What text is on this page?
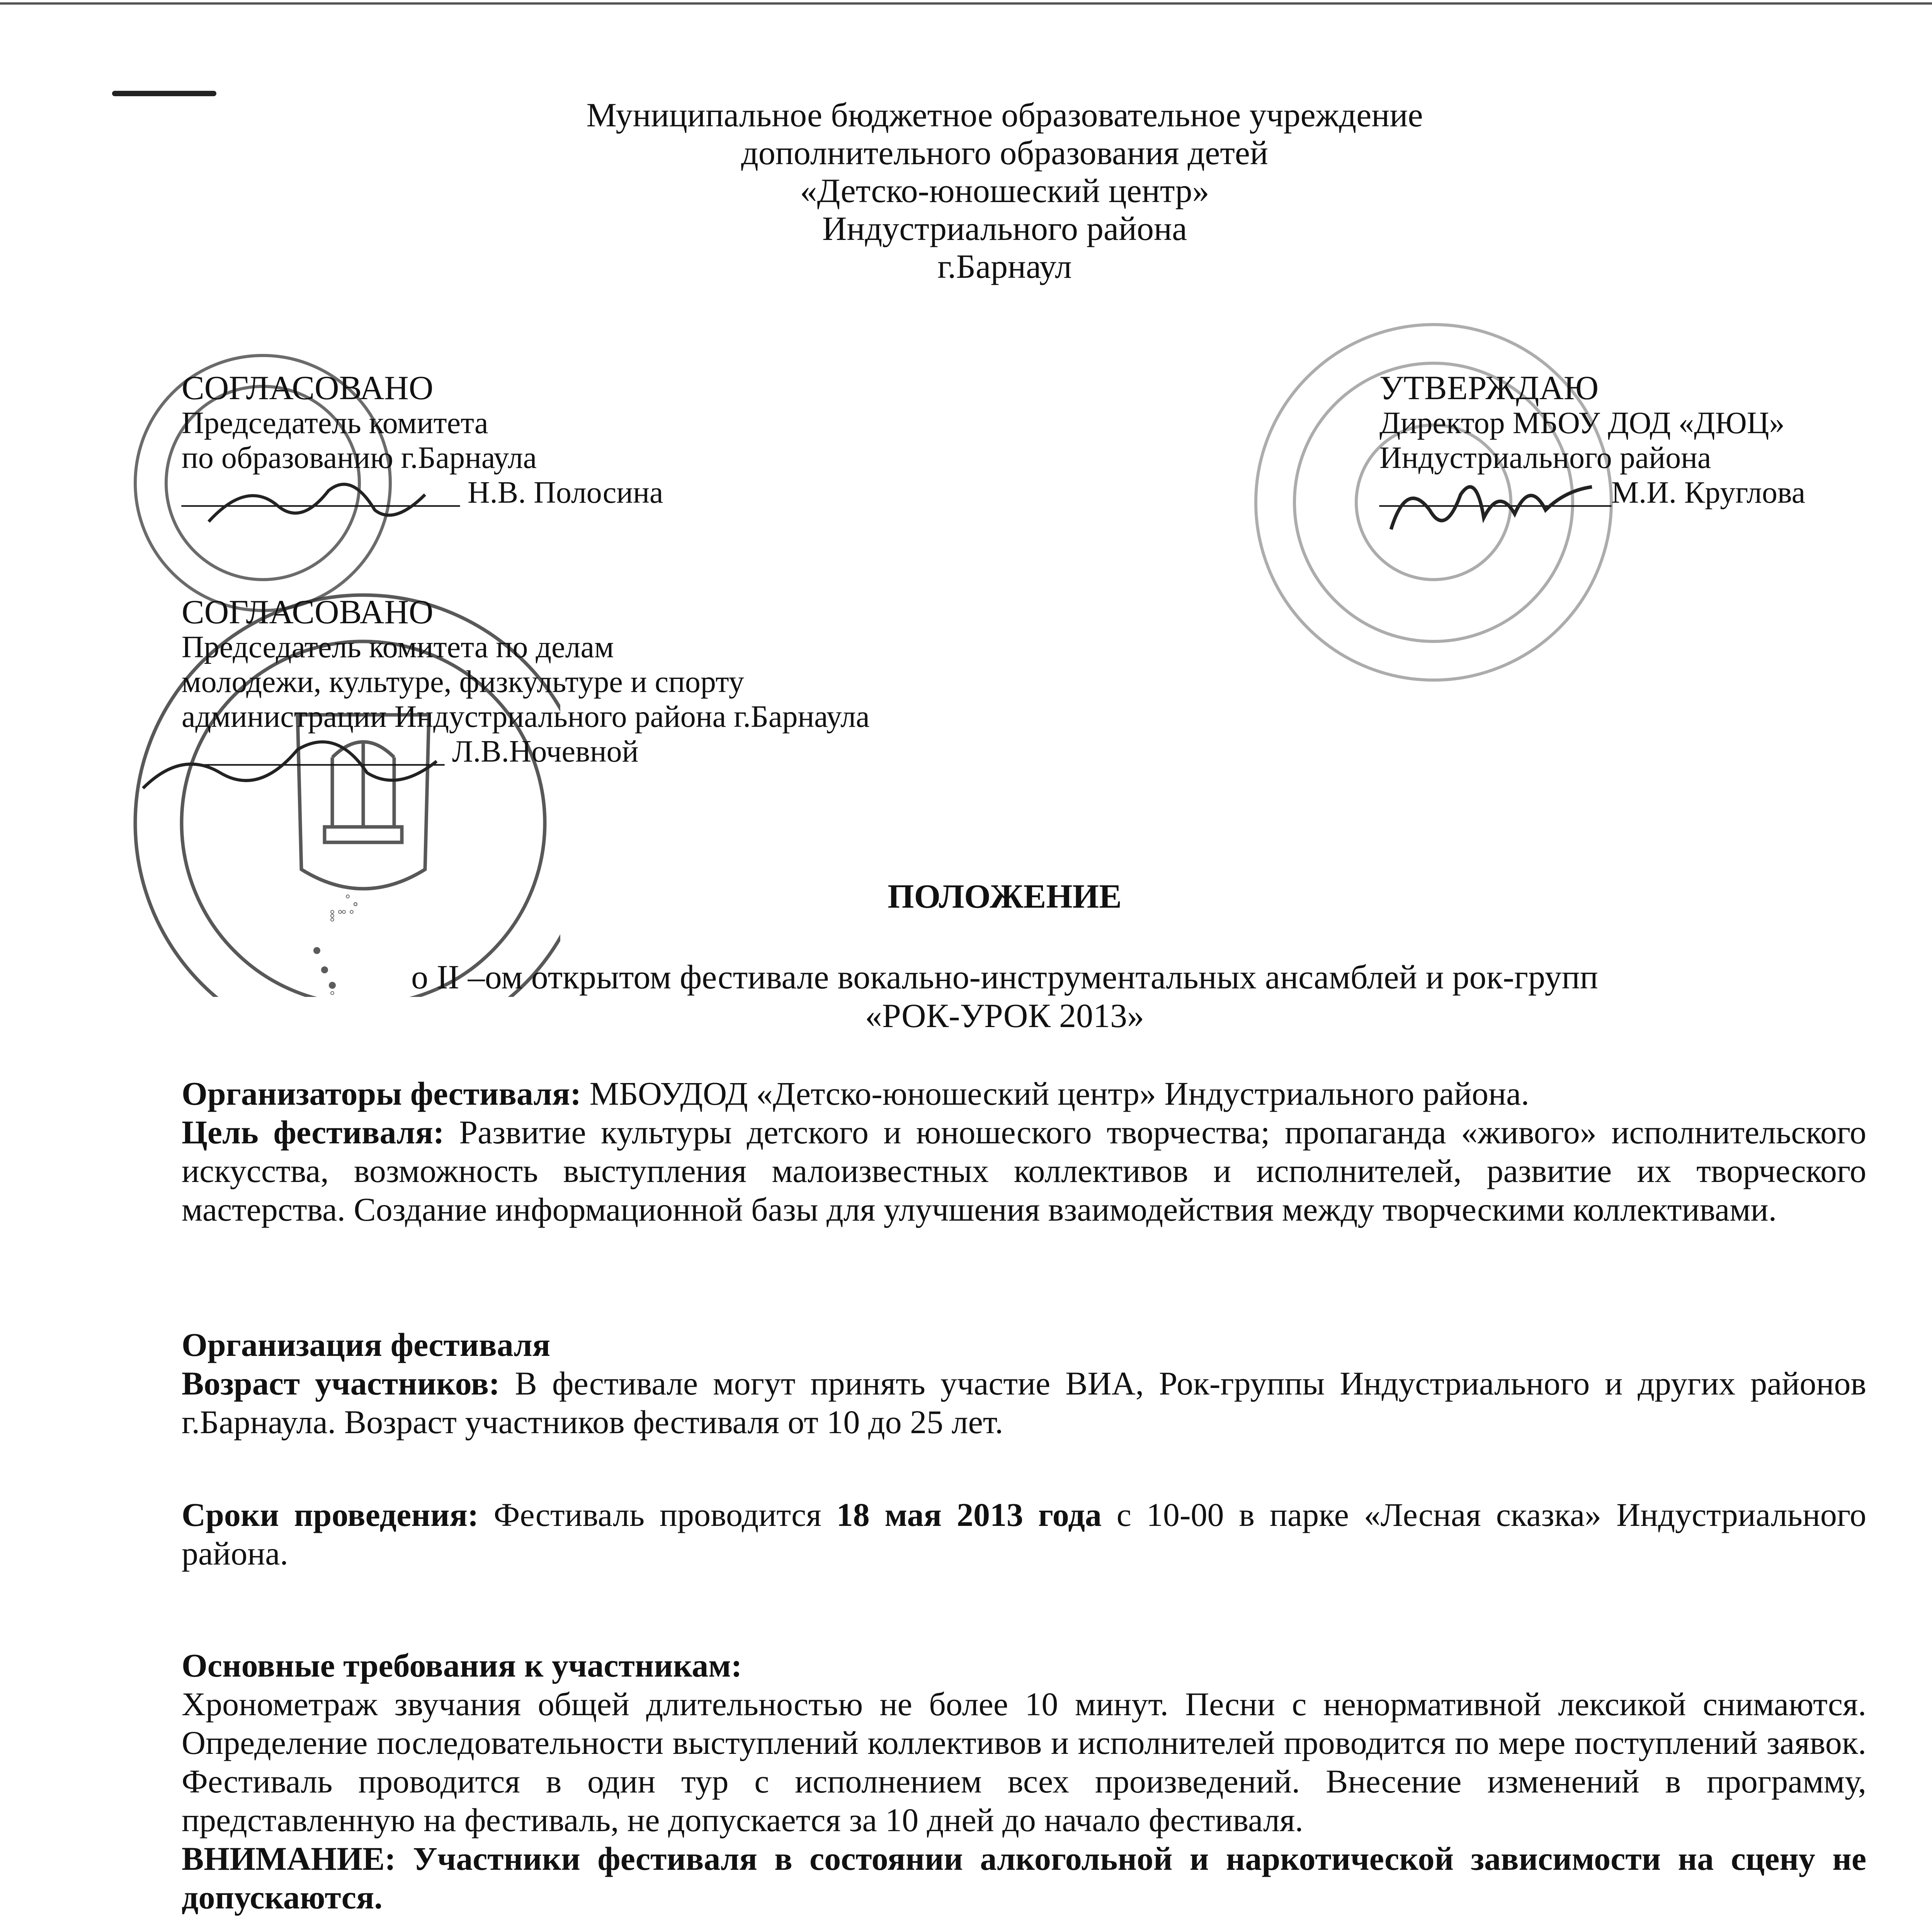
Муниципальное бюджетное образовательное учреждение
дополнительного образования детей
«Детско-юношеский центр»
Индустриального района
г.Барнаул
СОГЛАСОВАНО
Председатель комитета
по образованию г.Барнаула
__________________ Н.В. Полосина
УТВЕРЖДАЮ
Директор МБОУ ДОД «ДЮЦ»
Индустриального района
_______________М.И. Круглова
СОГЛАСОВАНО
Председатель комитета по делам
молодежи, культуре, физкультуре и спорту
администрации Индустриального района г.Барнаула
_________________ Л.В.Ночевной
ПОЛОЖЕНИЕ
о II –ом открытом фестивале вокально-инструментальных ансамблей и рок-групп
«РОК-УРОК 2013»
Организаторы фестиваля: МБОУДОД «Детско-юношеский центр» Индустриального района.
Цель фестиваля: Развитие культуры детского и юношеского творчества; пропаганда «живого» исполнительского искусства, возможность выступления малоизвестных коллективов и исполнителей, развитие их творческого мастерства. Создание информационной базы для улучшения взаимодействия между творческими коллективами.
Организация фестиваля
Возраст участников: В фестивале могут принять участие ВИА, Рок-группы Индустриального и других районов г.Барнаула. Возраст участников фестиваля от 10 до 25 лет.
Сроки проведения: Фестиваль проводится 18 мая 2013 года с 10-00 в парке «Лесная сказка» Индустриального района.
Основные требования к участникам:
Хронометраж звучания общей длительностью не более 10 минут. Песни с ненормативной лексикой снимаются. Определение последовательности выступлений коллективов и исполнителей проводится по мере поступлений заявок. Фестиваль проводится в один тур с исполнением всех произведений. Внесение изменений в программу, представленную на фестиваль, не допускается за 10 дней до начало фестиваля.
ВНИМАНИЕ: Участники фестиваля в состоянии алкогольной и наркотической зависимости на сцену не допускаются.
